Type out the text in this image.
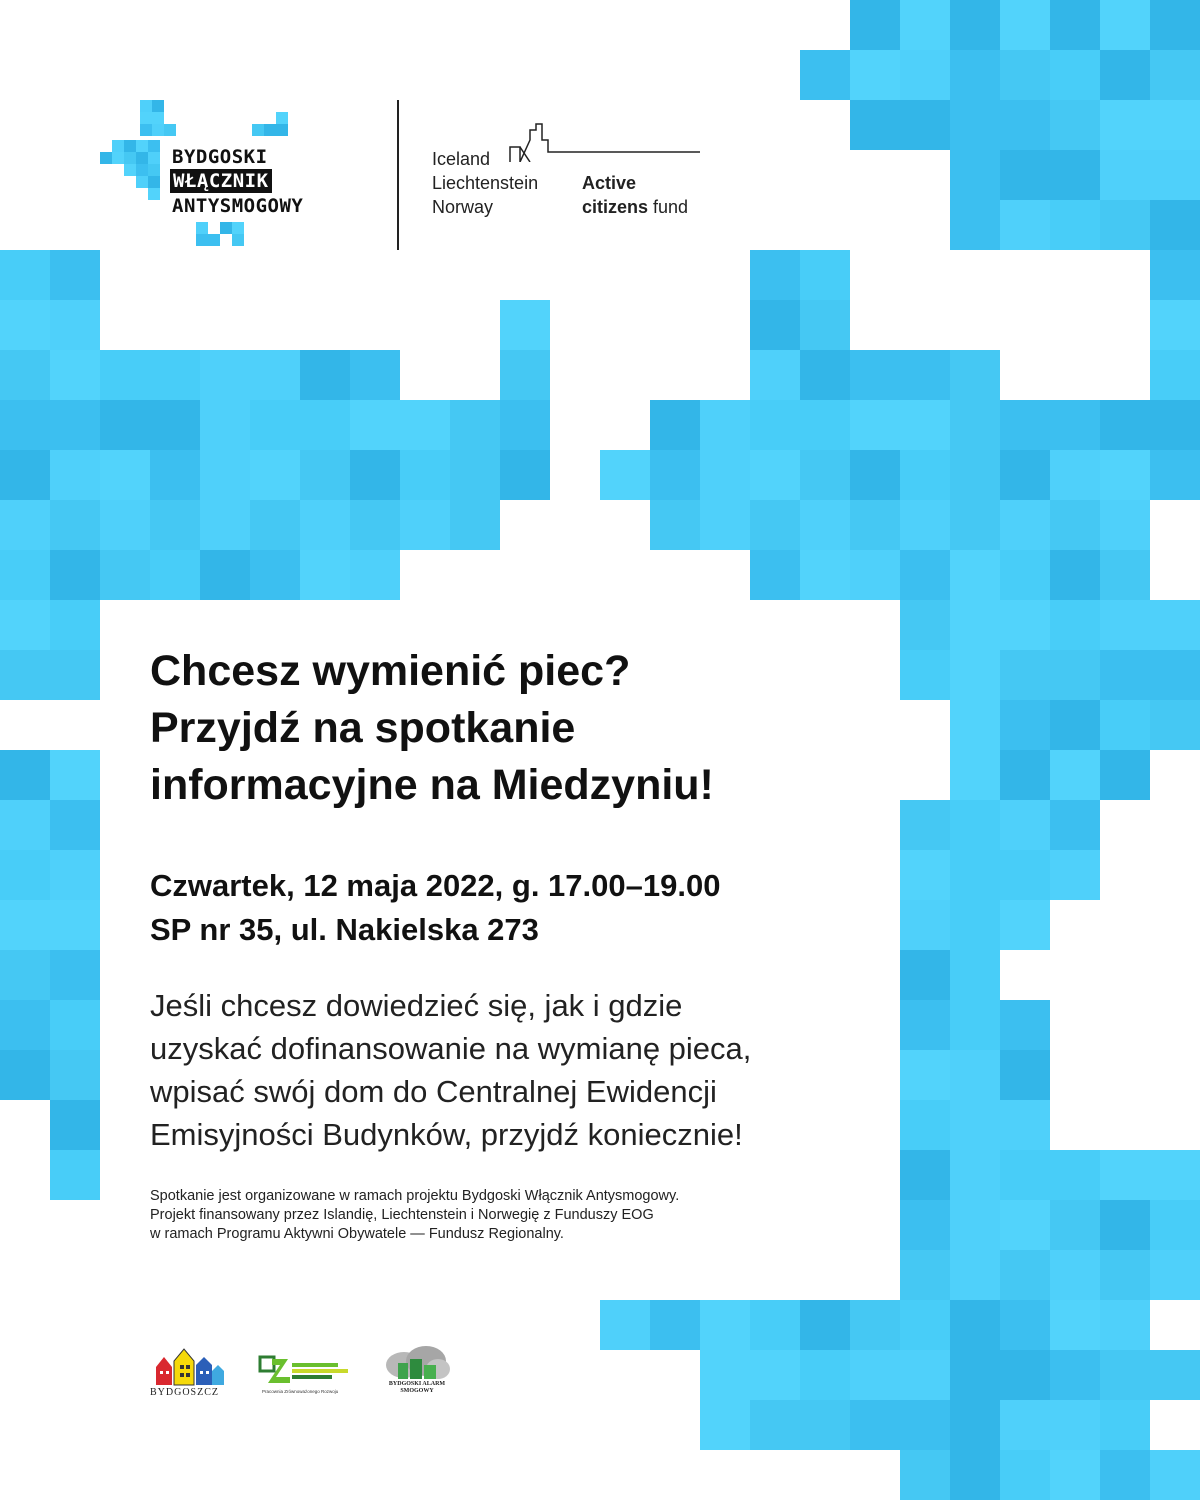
BYDGOSKI
WŁĄCZNIK
ANTYSMOGOWY
Iceland
Liechtenstein
Norway
Active
citizens fund
Chcesz wymienić piec?
Przyjdź na spotkanie
informacyjne na Miedzyniu!
Czwartek, 12 maja 2022, g. 17.00–19.00
SP nr 35, ul. Nakielska 273
Jeśli chcesz dowiedzieć się, jak i gdzie
uzyskać dofinansowanie na wymianę pieca,
wpisać swój dom do Centralnej Ewidencji
Emisyjności Budynków, przyjdź koniecznie!
Spotkanie jest organizowane w ramach projektu Bydgoski Włącznik Antysmogowy.
Projekt finansowany przez Islandię, Liechtenstein i Norwegię z Funduszy EOG
w ramach Programu Aktywni Obywatele — Fundusz Regionalny.
BYDGOSZCZ	Pracownia Zrównoważonego Rozwoju
BYDGOSKI ALARM SMOGOWY
